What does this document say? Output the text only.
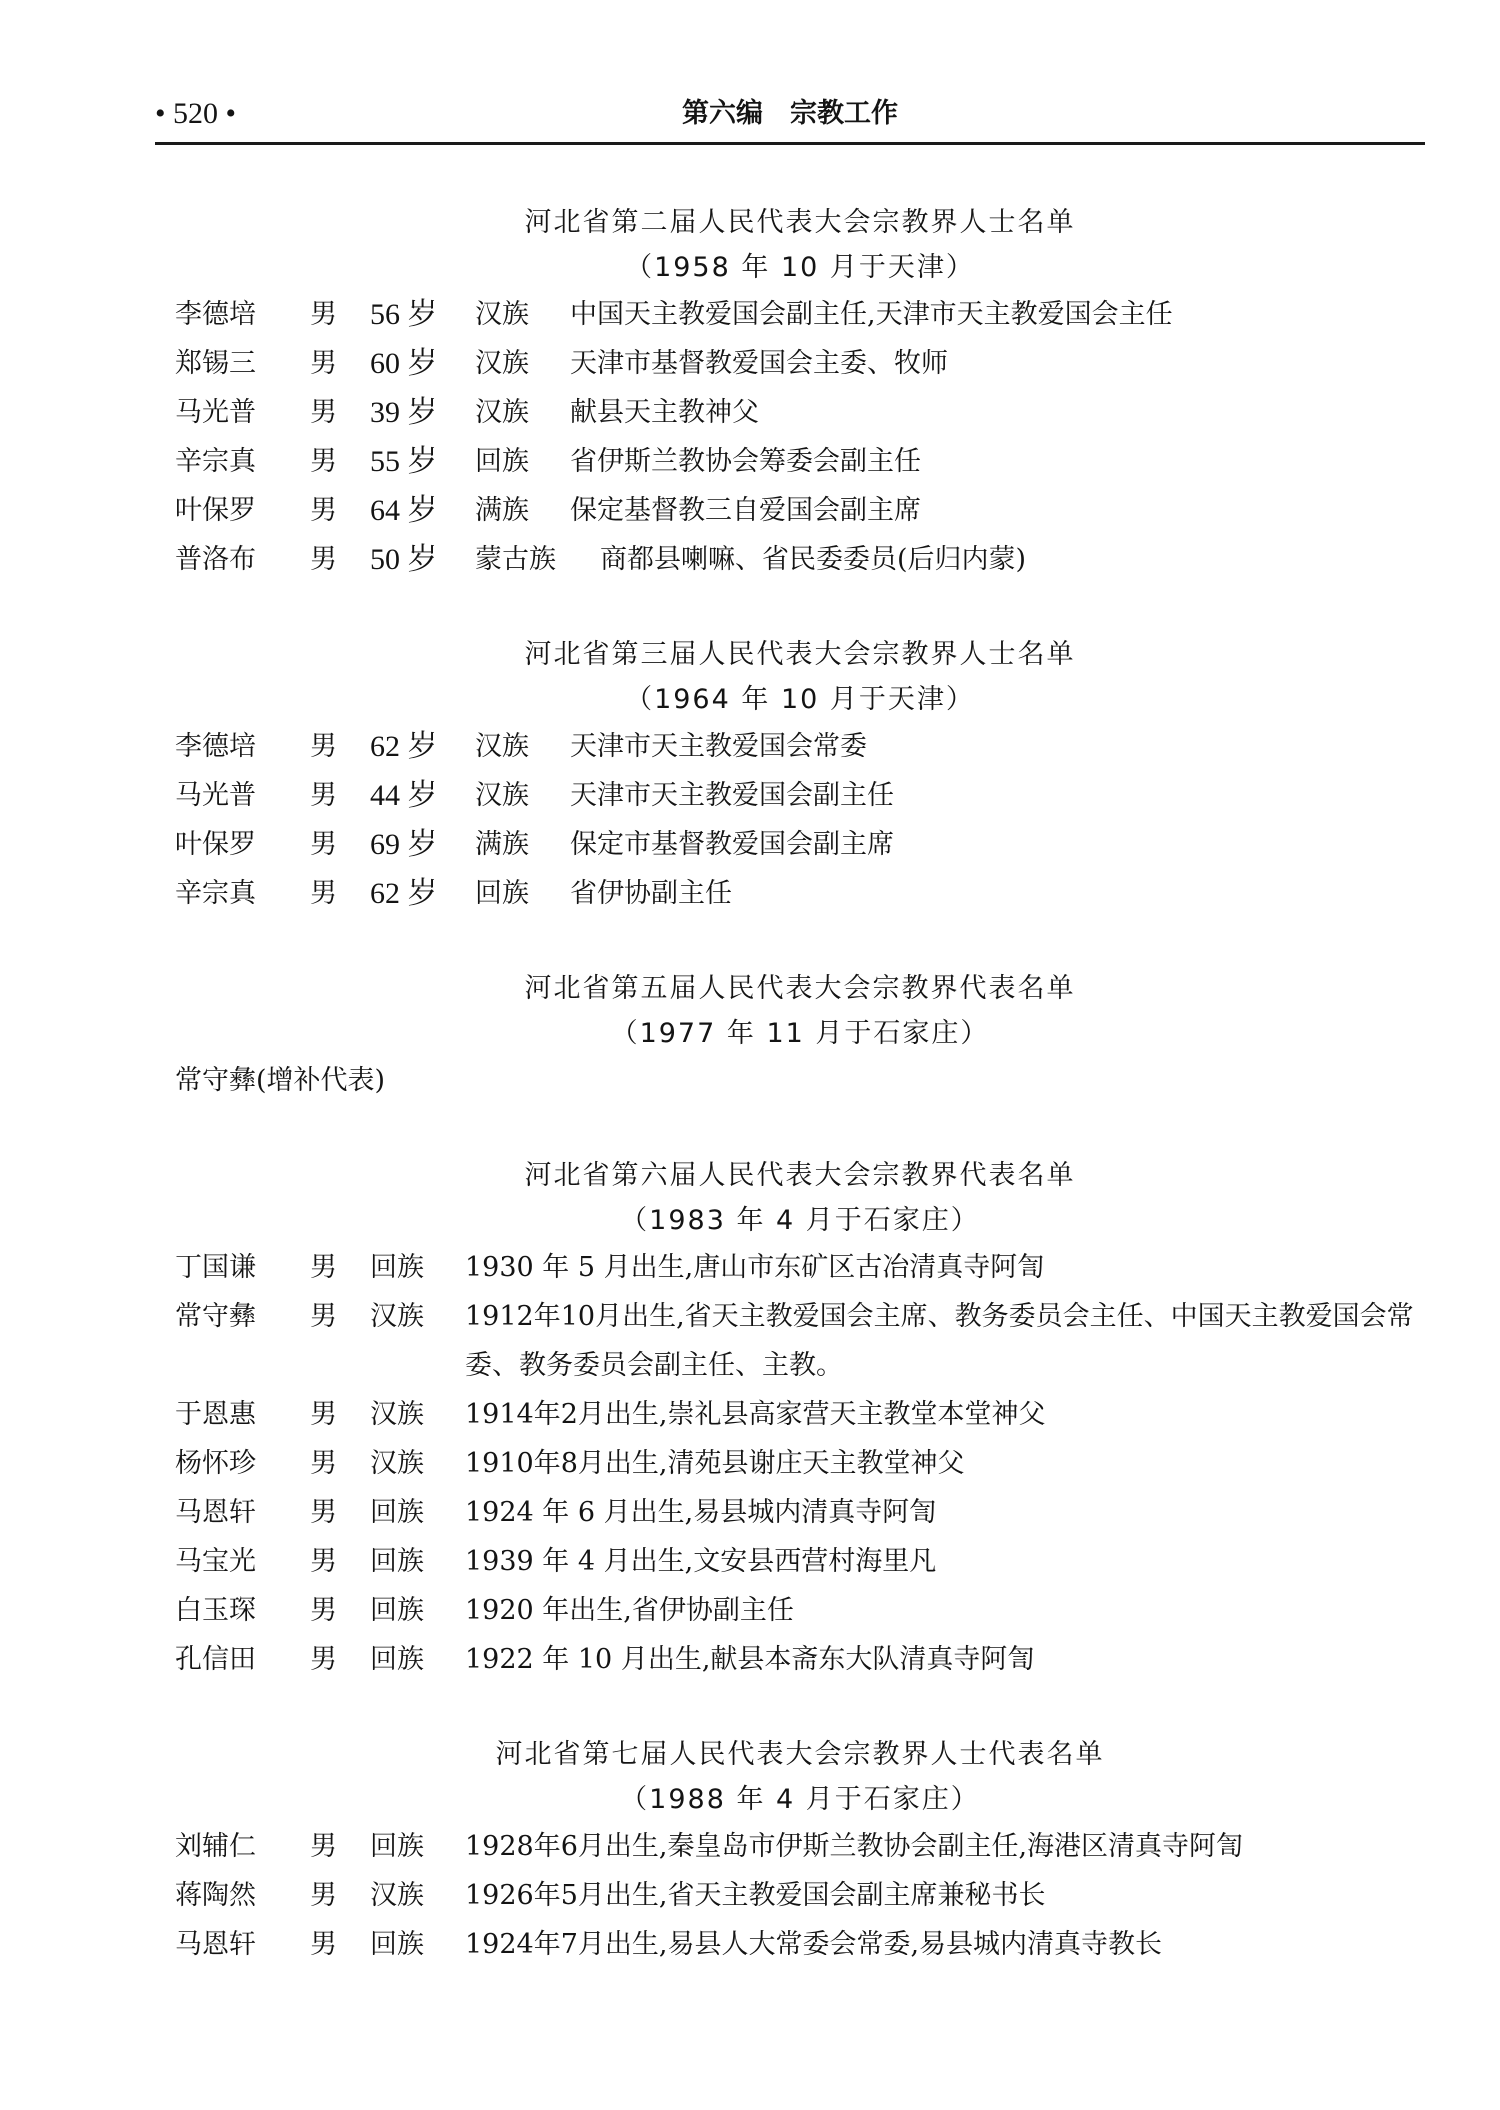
• 520 •	第六编　宗教工作
河北省第二届人民代表大会宗教界人士名单
（1958 年 10 月于天津）
李德培	男	56 岁	汉族	中国天主教爱国会副主任,天津市天主教爱国会主任
郑锡三	男	60 岁	汉族	天津市基督教爱国会主委、牧师
马光普	男	39 岁	汉族	献县天主教神父
辛宗真	男	55 岁	回族	省伊斯兰教协会筹委会副主任
叶保罗	男	64 岁	满族	保定基督教三自爱国会副主席
普洛布	男	50 岁	蒙古族	商都县喇嘛、省民委委员(后归内蒙)
河北省第三届人民代表大会宗教界人士名单
（1964 年 10 月于天津）
李德培	男	62 岁	汉族	天津市天主教爱国会常委
马光普	男	44 岁	汉族	天津市天主教爱国会副主任
叶保罗	男	69 岁	满族	保定市基督教爱国会副主席
辛宗真	男	62 岁	回族	省伊协副主任
河北省第五届人民代表大会宗教界代表名单
（1977 年 11 月于石家庄）
常守彝(增补代表)
河北省第六届人民代表大会宗教界代表名单
（1983 年 4 月于石家庄）
丁国谦	男	回族	1930 年 5 月出生,唐山市东矿区古冶清真寺阿訇
常守彝	男	汉族	1912年10月出生,省天主教爱国会主席、教务委员会主任、中国天主教爱国会常委、教务委员会副主任、主教。
于恩惠	男	汉族	1914年2月出生,崇礼县高家营天主教堂本堂神父
杨怀珍	男	汉族	1910年8月出生,清苑县谢庄天主教堂神父
马恩轩	男	回族	1924 年 6 月出生,易县城内清真寺阿訇
马宝光	男	回族	1939 年 4 月出生,文安县西营村海里凡
白玉琛	男	回族	1920 年出生,省伊协副主任
孔信田	男	回族	1922 年 10 月出生,献县本斋东大队清真寺阿訇
河北省第七届人民代表大会宗教界人士代表名单
（1988 年 4 月于石家庄）
刘辅仁	男	回族	1928年6月出生,秦皇岛市伊斯兰教协会副主任,海港区清真寺阿訇
蒋陶然	男	汉族	1926年5月出生,省天主教爱国会副主席兼秘书长
马恩轩	男	回族	1924年7月出生,易县人大常委会常委,易县城内清真寺教长
